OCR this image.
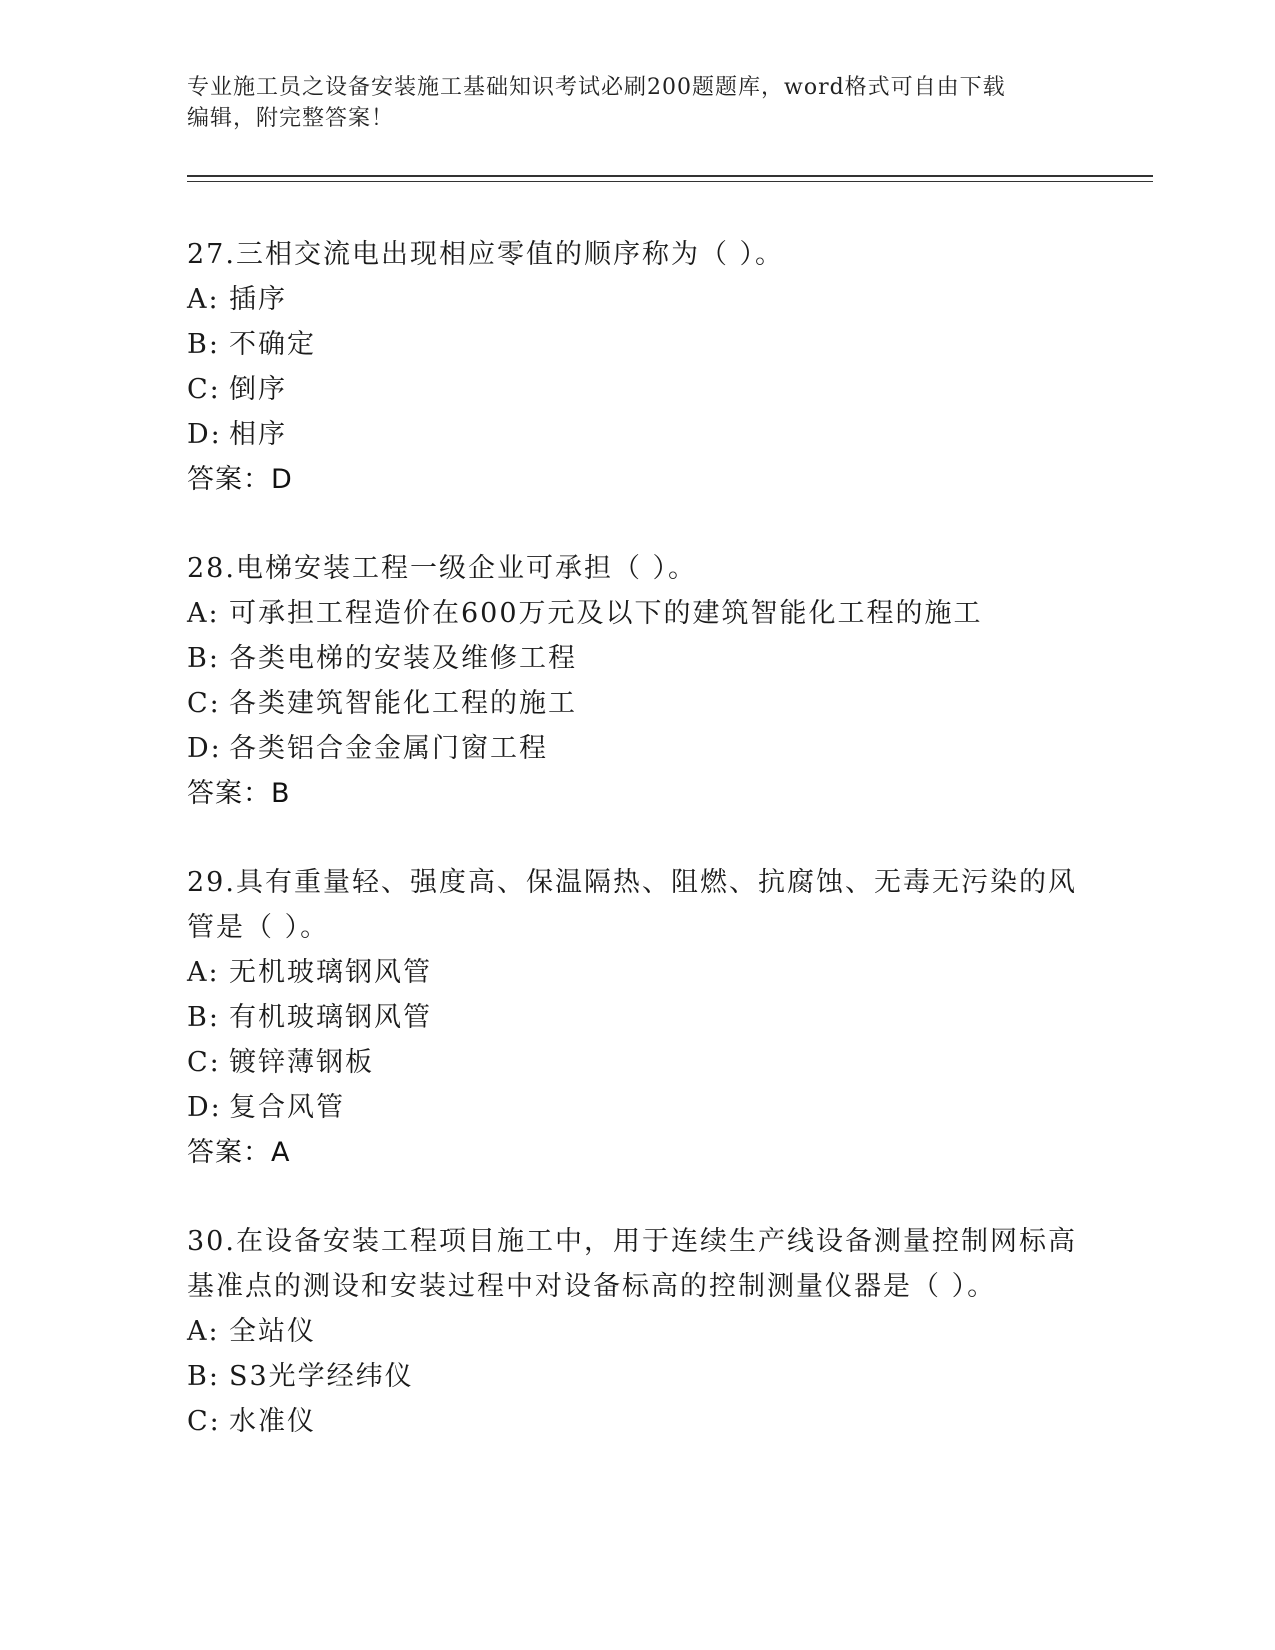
专业施工员之设备安装施工基础知识考试必刷200题题库，word格式可自由下载
编辑，附完整答案！
27.三相交流电出现相应零值的顺序称为（ ）。
A: 插序
B: 不确定
C: 倒序
D: 相序
答案：D
28.电梯安装工程一级企业可承担（ ）。
A: 可承担工程造价在600万元及以下的建筑智能化工程的施工
B: 各类电梯的安装及维修工程
C: 各类建筑智能化工程的施工
D: 各类铝合金金属门窗工程
答案：B
29.具有重量轻、强度高、保温隔热、阻燃、抗腐蚀、无毒无污染的风管是（ ）。
A: 无机玻璃钢风管
B: 有机玻璃钢风管
C: 镀锌薄钢板
D: 复合风管
答案：A
30.在设备安装工程项目施工中，用于连续生产线设备测量控制网标高基准点的测设和安装过程中对设备标高的控制测量仪器是（ ）。
A: 全站仪
B: S3光学经纬仪
C: 水准仪
